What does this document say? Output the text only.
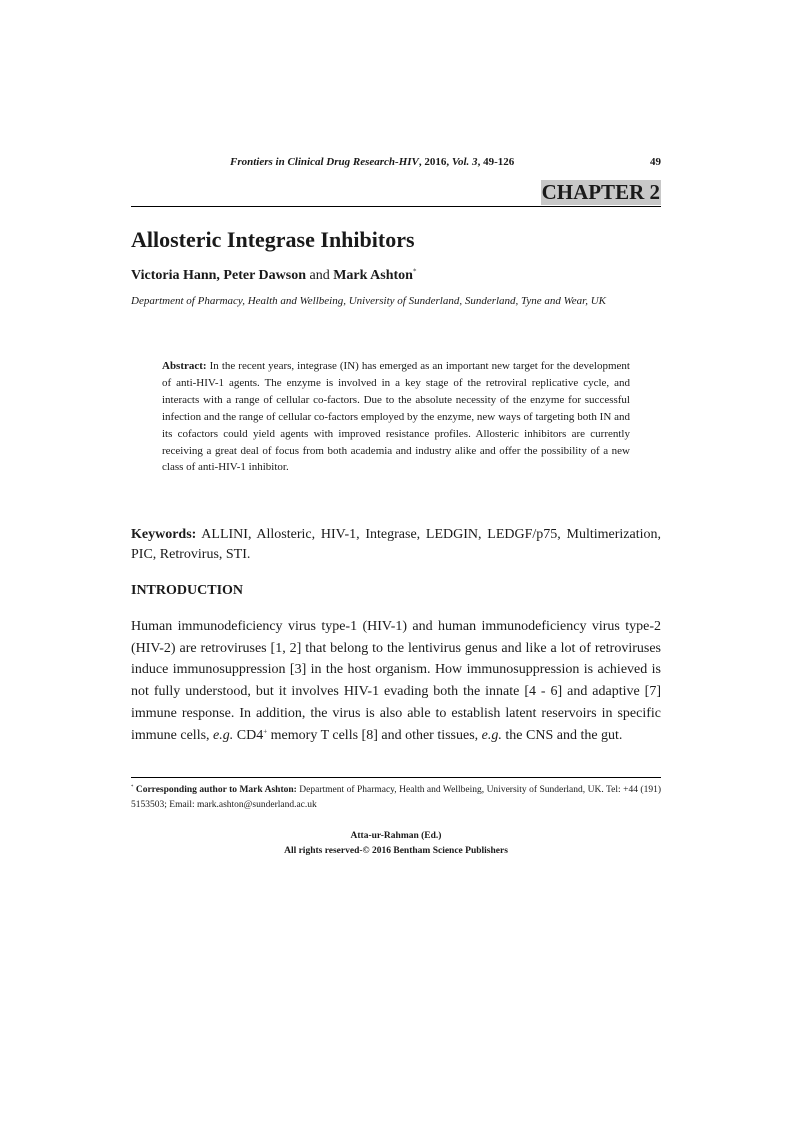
Frontiers in Clinical Drug Research-HIV, 2016, Vol. 3, 49-126	49
CHAPTER 2
Allosteric Integrase Inhibitors
Victoria Hann, Peter Dawson and Mark Ashton*
Department of Pharmacy, Health and Wellbeing, University of Sunderland, Sunderland, Tyne and Wear, UK
Abstract: In the recent years, integrase (IN) has emerged as an important new target for the development of anti-HIV-1 agents. The enzyme is involved in a key stage of the retroviral replicative cycle, and interacts with a range of cellular co-factors. Due to the absolute necessity of the enzyme for successful infection and the range of cellular co-factors employed by the enzyme, new ways of targeting both IN and its cofactors could yield agents with improved resistance profiles. Allosteric inhibitors are currently receiving a great deal of focus from both academia and industry alike and offer the possibility of a new class of anti-HIV-1 inhibitor.
Keywords: ALLINI, Allosteric, HIV-1, Integrase, LEDGIN, LEDGF/p75, Multimerization, PIC, Retrovirus, STI.
INTRODUCTION
Human immunodeficiency virus type-1 (HIV-1) and human immunodeficiency virus type-2 (HIV-2) are retroviruses [1, 2] that belong to the lentivirus genus and like a lot of retroviruses induce immunosuppression [3] in the host organism. How immunosuppression is achieved is not fully understood, but it involves HIV-1 evading both the innate [4 - 6] and adaptive [7] immune response. In addition, the virus is also able to establish latent reservoirs in specific immune cells, e.g. CD4+ memory T cells [8] and other tissues, e.g. the CNS and the gut.
* Corresponding author to Mark Ashton: Department of Pharmacy, Health and Wellbeing, University of Sunderland, UK. Tel: +44 (191) 5153503; Email: mark.ashton@sunderland.ac.uk
Atta-ur-Rahman (Ed.)
All rights reserved-© 2016 Bentham Science Publishers
